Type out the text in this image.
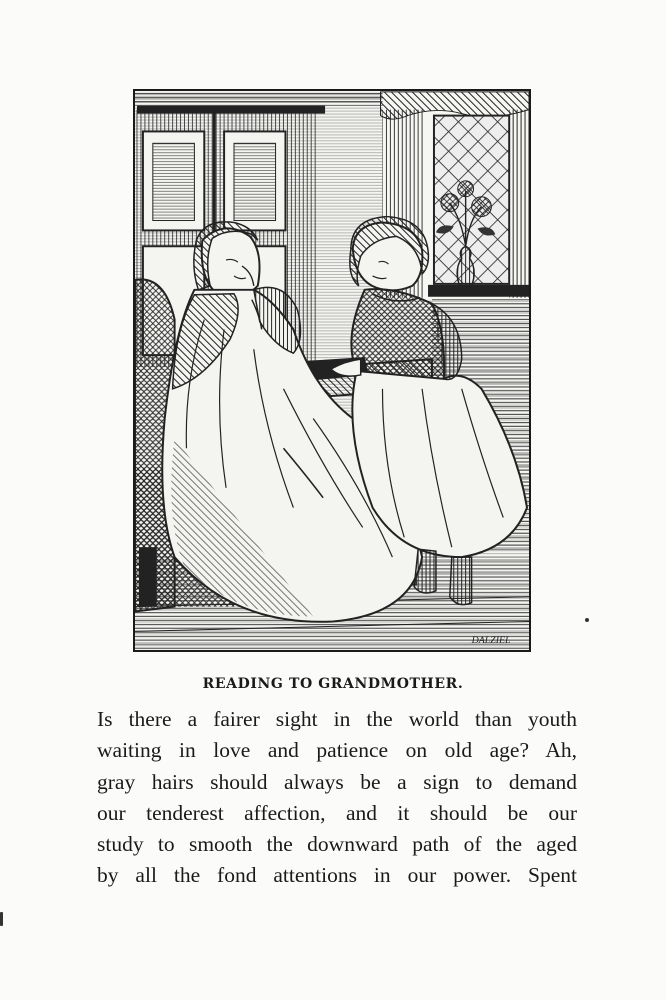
DALZIEL
READING TO GRANDMOTHER.
Is there a fairer sight in the world than youth
waiting in love and patience on old age? Ah,
gray hairs should always be a sign to demand
our tenderest affection, and it should be our
study to smooth the downward path of the aged
by all the fond attentions in our power. Spent
